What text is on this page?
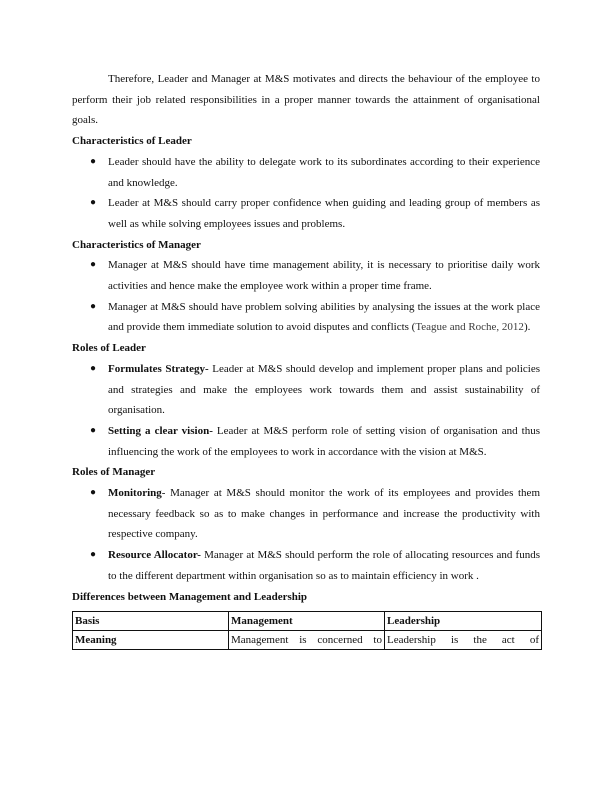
Therefore, Leader and Manager at M&S motivates and directs the behaviour of the employee to perform their job related responsibilities in a proper manner towards the attainment of organisational goals.

Characteristics of Leader
● Leader should have the ability to delegate work to its subordinates according to their experience and knowledge.
● Leader at M&S should carry proper confidence when guiding and leading group of members as well as while solving employees issues and problems.
Characteristics of Manager
● Manager at M&S should have time management ability, it is necessary to prioritise daily work activities and hence make the employee work within a proper time frame.
● Manager at M&S should have problem solving abilities by analysing the issues at the work place and provide them immediate solution to avoid disputes and conflicts (Teague and Roche, 2012).
Roles of Leader
● Formulates Strategy- Leader at M&S should develop and implement proper plans and policies and strategies and make the employees work towards them and assist sustainability of organisation.
● Setting a clear vision- Leader at M&S perform role of setting vision of organisation and thus influencing the work of the employees to work in accordance with the vision at M&S.
Roles of Manager
● Monitoring- Manager at M&S should monitor the work of its employees and provides them necessary feedback so as to make changes in performance and increase the productivity with respective company.
● Resource Allocator- Manager at M&S should perform the role of allocating resources and funds to the different department within organisation so as to maintain efficiency in work .
Differences between Management and Leadership
Basis	Management	Leadership
Meaning	Management is concerned to	Leadership is the act of
